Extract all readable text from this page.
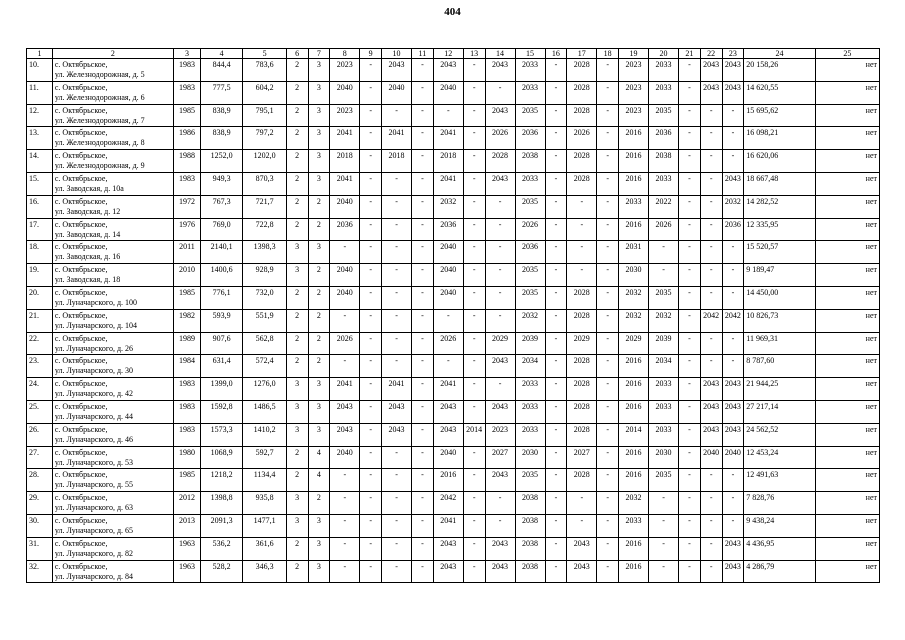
404
1	2	3	4	5	6	7	8	9	10	11	12	13	14	15	16	17	18	19	20	21	22	23	24	25
10.	с. Октябрьское,
ул. Железнодорожная, д. 5	1983	844,4	783,6	2	3	2023	-	2043	-	2043	-	2043	2033	-	2028	-	2023	2033	-	2043	2043	20 158,26	нет
11.	с. Октябрьское,
ул. Железнодорожная, д. 6	1983	777,5	604,2	2	3	2040	-	2040	-	2040	-	-	2033	-	2028	-	2023	2033	-	2043	2043	14 620,55	нет
12.	с. Октябрьское,
ул. Железнодорожная, д. 7	1985	838,9	795,1	2	3	2023	-	-	-	-	-	2043	2035	-	2028	-	2023	2035	-	-	-	15 695,62	нет
13.	с. Октябрьское,
ул. Железнодорожная, д. 8	1986	838,9	797,2	2	3	2041	-	2041	-	2041	-	2026	2036	-	2026	-	2016	2036	-	-	-	16 098,21	нет
14.	с. Октябрьское,
ул. Железнодорожная, д. 9	1988	1252,0	1202,0	2	3	2018	-	2018	-	2018	-	2028	2038	-	2028	-	2016	2038	-	-	-	16 620,06	нет
15.	с. Октябрьское,
ул. Заводская, д. 10а	1983	949,3	870,3	2	3	2041	-	-	-	2041	-	2043	2033	-	2028	-	2016	2033	-	-	2043	18 667,48	нет
16.	с. Октябрьское,
ул. Заводская, д. 12	1972	767,3	721,7	2	2	2040	-	-	-	2032	-	-	2035	-	-	-	2033	2022	-	-	2032	14 282,52	нет
17.	с. Октябрьское,
ул. Заводская, д. 14	1976	769,0	722,8	2	2	2036	-	-	-	2036	-	-	2026	-	-	-	2016	2026	-	-	2036	12 335,95	нет
18.	с. Октябрьское,
ул. Заводская, д. 16	2011	2140,1	1398,3	3	3	-	-	-	-	2040	-	-	2036	-	-	-	2031	-	-	-	-	15 520,57	нет
19.	с. Октябрьское,
ул. Заводская, д. 18	2010	1400,6	928,9	3	2	2040	-	-	-	2040	-	-	2035	-	-	-	2030	-	-	-	-	9 189,47	нет
20.	с. Октябрьское,
ул. Луначарского, д. 100	1985	776,1	732,0	2	2	2040	-	-	-	2040	-	-	2035	-	2028	-	2032	2035	-	-	-	14 450,00	нет
21.	с. Октябрьское,
ул. Луначарского, д. 104	1982	593,9	551,9	2	2	-	-	-	-	-	-	-	2032	-	2028	-	2032	2032	-	2042	2042	10 826,73	нет
22.	с. Октябрьское,
ул. Луначарского, д. 26	1989	907,6	562,8	2	2	2026	-	-	-	2026	-	2029	2039	-	2029	-	2029	2039	-	-	-	11 969,31	нет
23.	с. Октябрьское,
ул. Луначарского, д. 30	1984	631,4	572,4	2	2	-	-	-	-	-	-	2043	2034	-	2028	-	2016	2034	-	-	-	8 787,60	нет
24.	с. Октябрьское,
ул. Луначарского, д. 42	1983	1399,0	1276,0	3	3	2041	-	2041	-	2041	-	-	2033	-	2028	-	2016	2033	-	2043	2043	21 944,25	нет
25.	с. Октябрьское,
ул. Луначарского, д. 44	1983	1592,8	1486,5	3	3	2043	-	2043	-	2043	-	2043	2033	-	2028	-	2016	2033	-	2043	2043	27 217,14	нет
26.	с. Октябрьское,
ул. Луначарского, д. 46	1983	1573,3	1410,2	3	3	2043	-	2043	-	2043	2014	2023	2033	-	2028	-	2014	2033	-	2043	2043	24 562,52	нет
27.	с. Октябрьское,
ул. Луначарского, д. 53	1980	1068,9	592,7	2	4	2040	-	-	-	2040	-	2027	2030	-	2027	-	2016	2030	-	2040	2040	12 453,24	нет
28.	с. Октябрьское,
ул. Луначарского, д. 55	1985	1218,2	1134,4	2	4	-	-	-	-	2016	-	2043	2035	-	2028	-	2016	2035	-	-	-	12 491,63	нет
29.	с. Октябрьское,
ул. Луначарского, д. 63	2012	1398,8	935,8	3	2	-	-	-	-	2042	-	-	2038	-	-	-	2032	-	-	-	-	7 828,76	нет
30.	с. Октябрьское,
ул. Луначарского, д. 65	2013	2091,3	1477,1	3	3	-	-	-	-	2041	-	-	2038	-	-	-	2033	-	-	-	-	9 438,24	нет
31.	с. Октябрьское,
ул. Луначарского, д. 82	1963	536,2	361,6	2	3	-	-	-	-	2043	-	2043	2038	-	2043	-	2016	-	-	-	2043	4 436,95	нет
32.	с. Октябрьское,
ул. Луначарского, д. 84	1963	528,2	346,3	2	3	-	-	-	-	2043	-	2043	2038	-	2043	-	2016	-	-	-	2043	4 286,79	нет
